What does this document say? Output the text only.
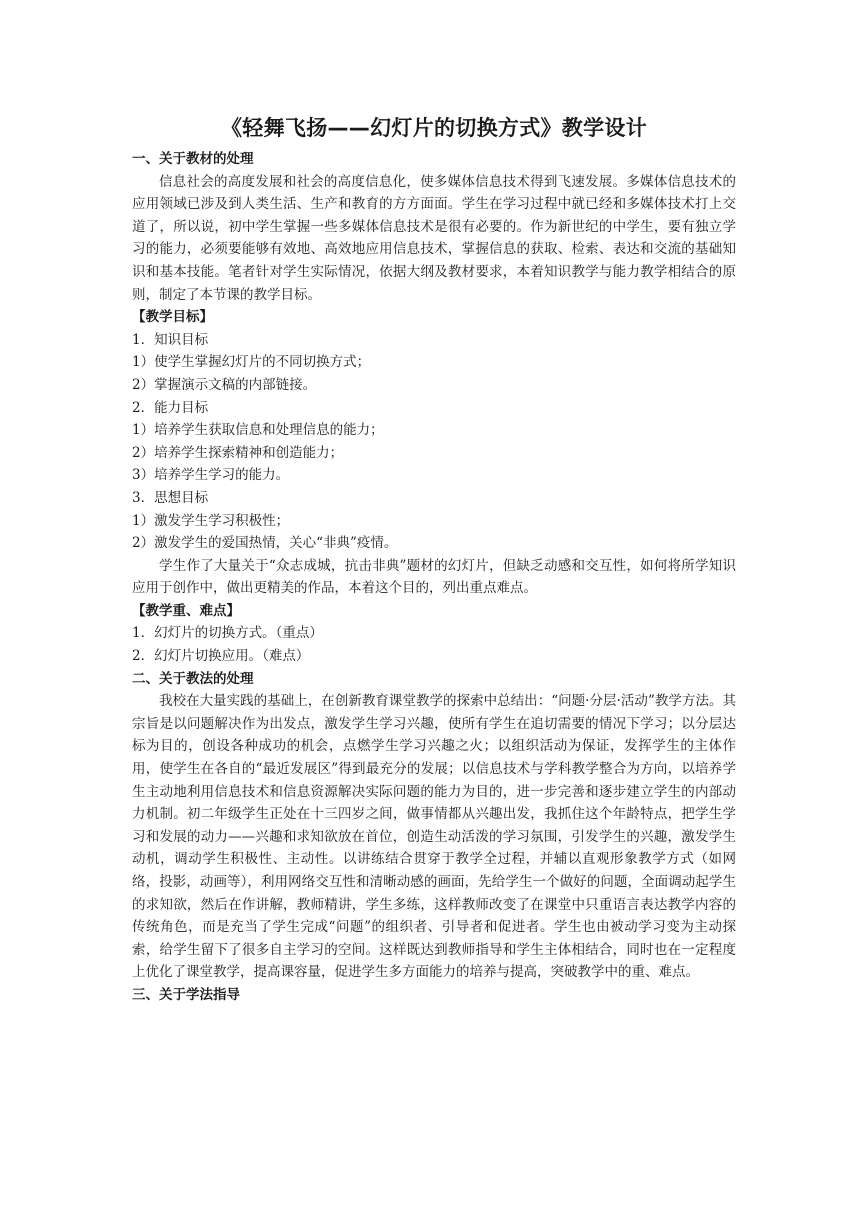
《轻舞飞扬——幻灯片的切换方式》教学设计
一、关于教材的处理

信息社会的高度发展和社会的高度信息化，使多媒体信息技术得到飞速发展。多媒体信息技术的应用领域已涉及到人类生活、生产和教育的方方面面。学生在学习过程中就已经和多媒体技术打上交道了，所以说，初中学生掌握一些多媒体信息技术是很有必要的。作为新世纪的中学生，要有独立学习的能力，必须要能够有效地、高效地应用信息技术，掌握信息的获取、检索、表达和交流的基础知识和基本技能。笔者针对学生实际情况，依据大纲及教材要求，本着知识教学与能力教学相结合的原则，制定了本节课的教学目标。

【教学目标】
1．知识目标
1）使学生掌握幻灯片的不同切换方式；
2）掌握演示文稿的内部链接。
2．能力目标
1）培养学生获取信息和处理信息的能力；
2）培养学生探索精神和创造能力；
3）培养学生学习的能力。
3．思想目标
1）激发学生学习积极性；
2）激发学生的爱国热情，关心“非典”疫情。

学生作了大量关于“众志成城，抗击非典”题材的幻灯片，但缺乏动感和交互性，如何将所学知识应用于创作中，做出更精美的作品，本着这个目的，列出重点难点。

【教学重、难点】
1．幻灯片的切换方式。（重点）
2．幻灯片切换应用。（难点）
二、关于教法的处理

我校在大量实践的基础上，在创新教育课堂教学的探索中总结出：“问题·分层·活动”教学方法。其宗旨是以问题解决作为出发点，激发学生学习兴趣，使所有学生在追切需要的情况下学习；以分层达标为目的，创设各种成功的机会，点燃学生学习兴趣之火；以组织活动为保证，发挥学生的主体作用，使学生在各自的“最近发展区”得到最充分的发展；以信息技术与学科教学整合为方向，以培养学生主动地利用信息技术和信息资源解决实际问题的能力为目的，进一步完善和逐步建立学生的内部动力机制。初二年级学生正处在十三四岁之间，做事情都从兴趣出发，我抓住这个年龄特点，把学生学习和发展的动力——兴趣和求知欲放在首位，创造生动活泼的学习氛围，引发学生的兴趣，激发学生动机，调动学生积极性、主动性。以讲练结合贯穿于教学全过程，并辅以直观形象教学方式（如网络，投影，动画等），利用网络交互性和清晰动感的画面，先给学生一个做好的问题，全面调动起学生的求知欲，然后在作讲解，教师精讲，学生多练，这样教师改变了在课堂中只重语言表达教学内容的传统角色，而是充当了学生完成“问题”的组织者、引导者和促进者。学生也由被动学习变为主动探索，给学生留下了很多自主学习的空间。这样既达到教师指导和学生主体相结合，同时也在一定程度上优化了课堂教学，提高课容量，促进学生多方面能力的培养与提高，突破教学中的重、难点。

三、关于学法指导
